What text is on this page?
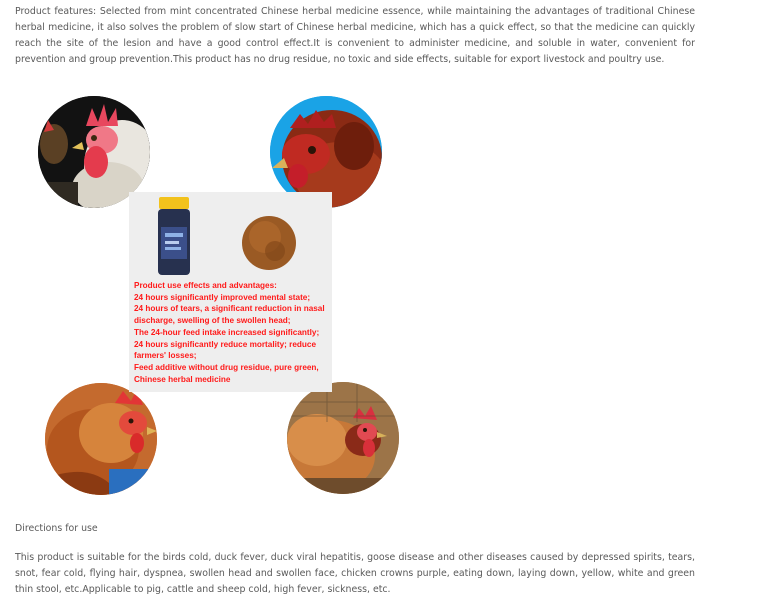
Product features: Selected from mint concentrated Chinese herbal medicine essence, while maintaining the advantages of traditional Chinese herbal medicine, it also solves the problem of slow start of Chinese herbal medicine, which has a quick effect, so that the medicine can quickly reach the site of the lesion and have a good control effect.It is convenient to administer medicine, and soluble in water, convenient for prevention and group prevention.This product has no drug residue, no toxic and side effects, suitable for export livestock and poultry use.
Product use effects and advantages:
24 hours significantly improved mental state;
24 hours of tears, a significant reduction in nasal discharge, swelling of the swollen head;
The 24-hour feed intake increased significantly;
24 hours significantly reduce mortality; reduce farmers' losses;
Feed additive without drug residue, pure green, Chinese herbal medicine
Directions for use
This product is suitable for the birds cold, duck fever, duck viral hepatitis, goose disease and other diseases caused by depressed spirits, tears, snot, fear cold, flying hair, dyspnea, swollen head and swollen face, chicken crowns purple, eating down, laying down, yellow, white and green thin stool, etc.Applicable to pig, cattle and sheep cold, high fever, sickness, etc.
